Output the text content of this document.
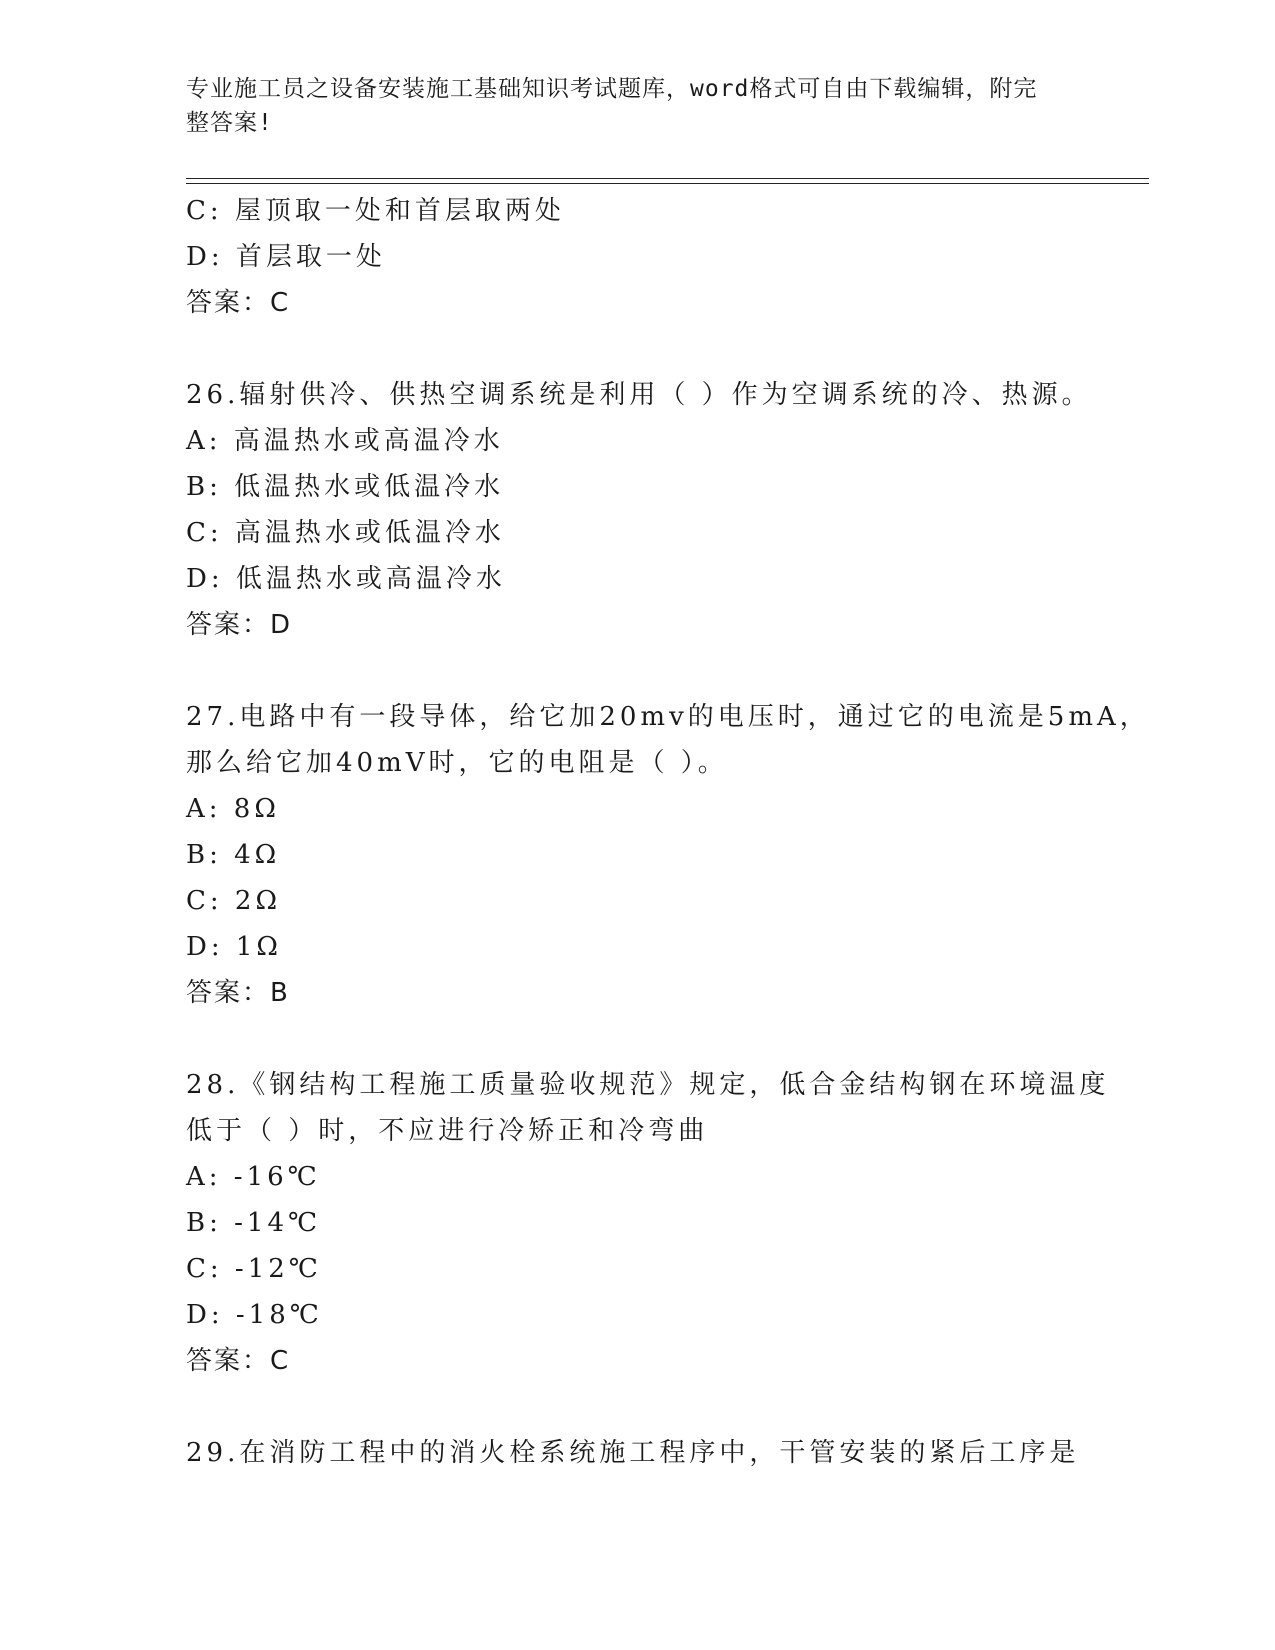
专业施工员之设备安装施工基础知识考试题库，word格式可自由下载编辑，附完
整答案!
C: 屋顶取一处和首层取两处
D: 首层取一处
答案：C
26.辐射供冷、供热空调系统是利用（ ）作为空调系统的冷、热源。
A: 高温热水或高温冷水
B: 低温热水或低温冷水
C: 高温热水或低温冷水
D: 低温热水或高温冷水
答案：D
27.电路中有一段导体，给它加20mv的电压时，通过它的电流是5mA，
那么给它加40mV时，它的电阻是（ ）。
A: 8Ω
B: 4Ω
C: 2Ω
D: 1Ω
答案：B
28.《钢结构工程施工质量验收规范》规定，低合金结构钢在环境温度
低于（ ）时，不应进行冷矫正和冷弯曲
A: -16℃
B: -14℃
C: -12℃
D: -18℃
答案：C
29.在消防工程中的消火栓系统施工程序中，干管安装的紧后工序是
